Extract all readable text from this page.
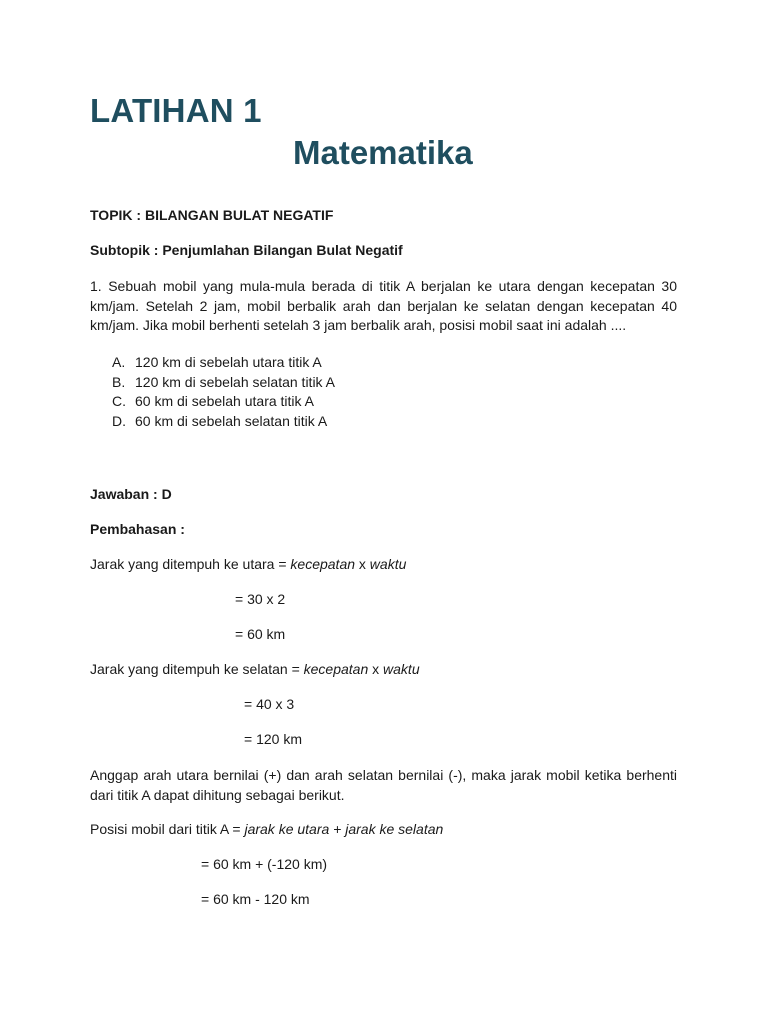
LATIHAN 1
Matematika

TOPIK : BILANGAN BULAT NEGATIF

Subtopik : Penjumlahan Bilangan Bulat Negatif

1. Sebuah mobil yang mula-mula berada di titik A berjalan ke utara dengan kecepatan 30 km/jam. Setelah 2 jam, mobil berbalik arah dan berjalan ke selatan dengan kecepatan 40 km/jam. Jika mobil berhenti setelah 3 jam berbalik arah, posisi mobil saat ini adalah ....

A. 120 km di sebelah utara titik A
B. 120 km di sebelah selatan titik A
C. 60 km di sebelah utara titik A
D. 60 km di sebelah selatan titik A

Jawaban : D

Pembahasan :

Jarak yang ditempuh ke utara = kecepatan x waktu

= 30 x 2

= 60 km

Jarak yang ditempuh ke selatan = kecepatan x waktu

= 40 x 3

= 120 km

Anggap arah utara bernilai (+) dan arah selatan bernilai (-), maka jarak mobil ketika berhenti dari titik A dapat dihitung sebagai berikut.

Posisi mobil dari titik A = jarak ke utara + jarak ke selatan

= 60 km + (-120 km)

= 60 km - 120 km
